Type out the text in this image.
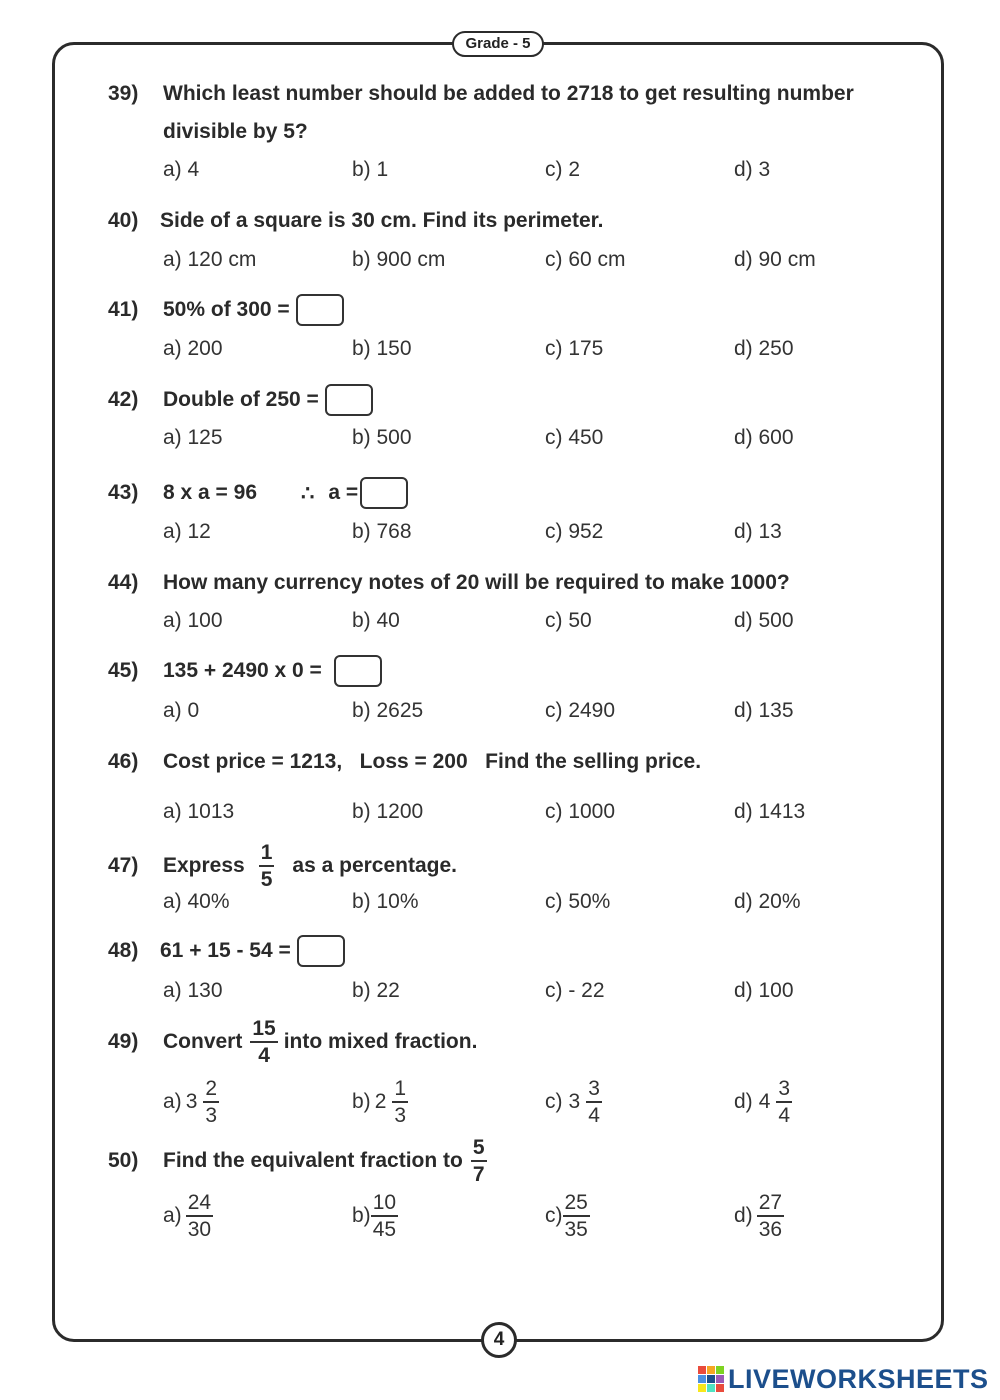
Grade - 5
39)	Which least number should be added to 2718 to get resulting number
divisible by 5?
a) 4	b) 1	c) 2	d) 3
40)	Side of a square is 30 cm. Find its perimeter.
a) 120 cm	b) 900 cm	c) 60 cm	d) 90 cm
41)	50% of 300 =
a) 200	b) 150	c) 175	d) 250
42)	Double of 250 =
a) 125	b) 500	c) 450	d) 600
43)	8 x a = 96 ∴ a =
a) 12	b) 768	c) 952	d) 13
44)	How many currency notes of 20 will be required to make 1000?
a) 100	b) 40	c) 50	d) 500
45)	135 + 2490 x 0 =
a) 0	b) 2625	c) 2490	d) 135
46)	Cost price = 1213,   Loss = 200   Find the selling price.
a) 1013	b) 1200	c) 1000	d) 1413
47)	Express $\frac{1}{5}$ as a percentage.
a) 40%	b) 10%	c) 50%	d) 20%
48)	61 + 15 - 54 =
a) 130	b) 22	c) - 22	d) 100
49)	Convert $\frac{15}{4}$ into mixed fraction.
a) $3 \frac{2}{3}$	b) $2 \frac{1}{3}$	c) $3 \frac{3}{4}$	d) $4 \frac{3}{4}$
50)	Find the equivalent fraction to $\frac{5}{7}$
$a) \frac{24}{30}$	$b) \frac{10}{45}$	$c) \frac{25}{35}$	$d) \frac{27}{36}$
4
LIVEWORKSHEETS
